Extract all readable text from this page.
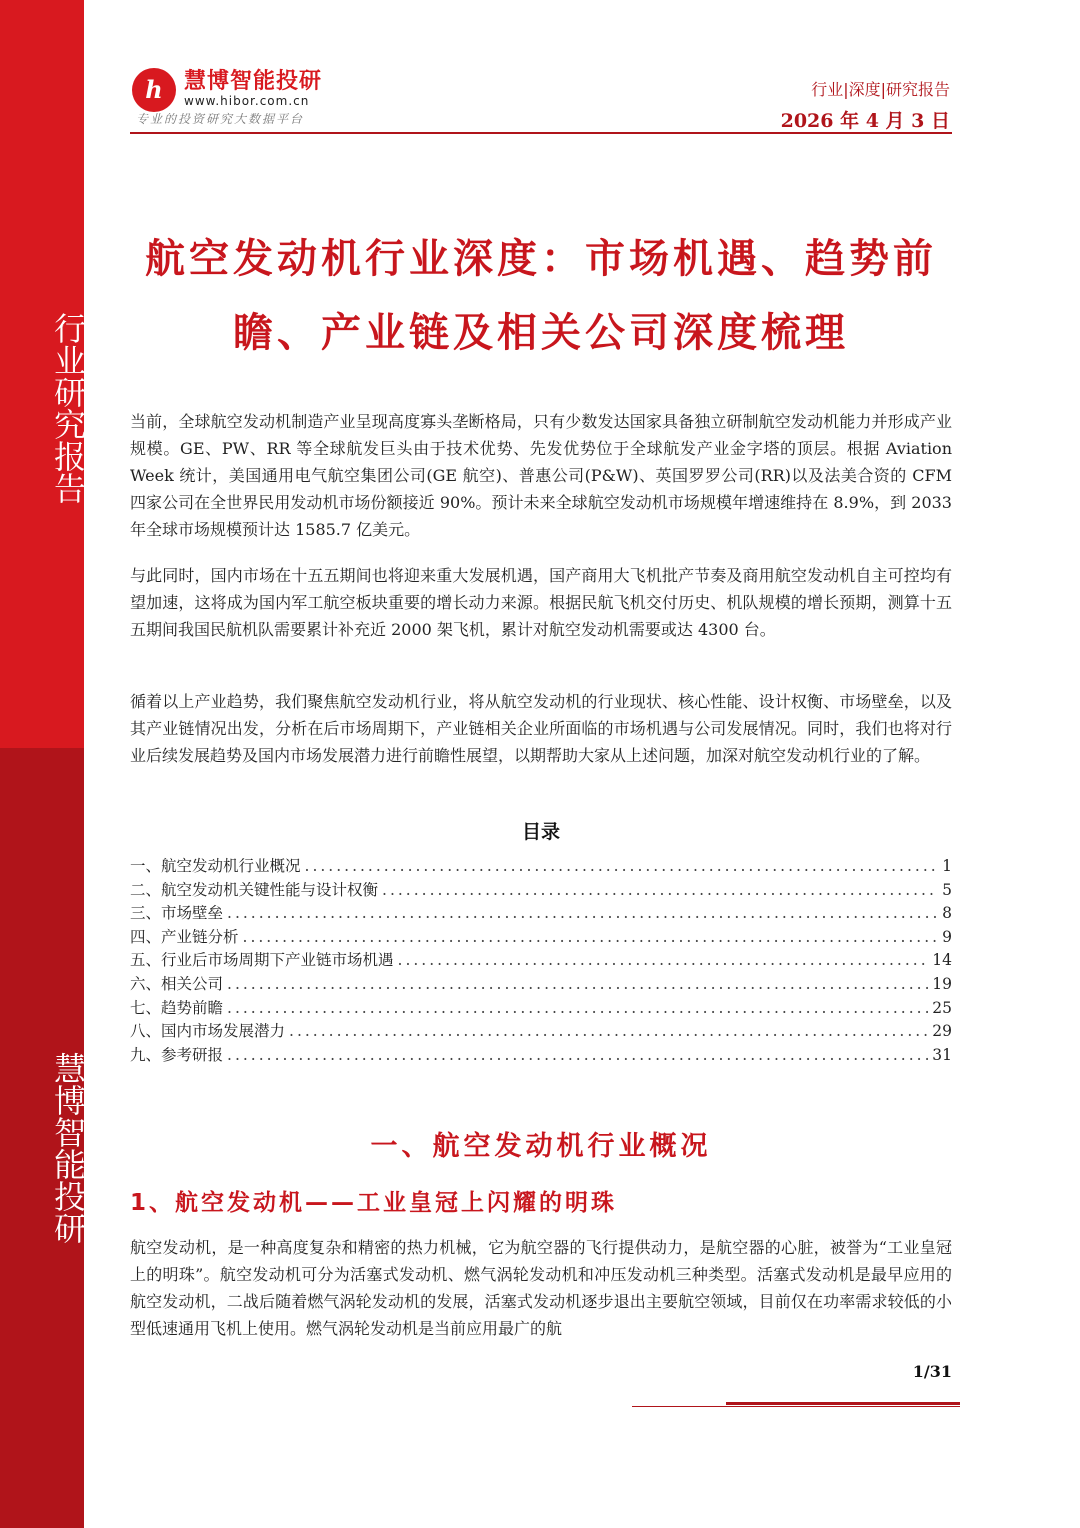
行业研究报告
慧博智能投研
h 慧博智能投研
www.hibor.com.cn
专业的投资研究大数据平台
行业|深度|研究报告
2026 年 4 月 3 日
航空发动机行业深度：市场机遇、趋势前瞻、产业链及相关公司深度梳理

当前，全球航空发动机制造产业呈现高度寡头垄断格局，只有少数发达国家具备独立研制航空发动机能力并形成产业规模。GE、PW、RR 等全球航发巨头由于技术优势、先发优势位于全球航发产业金字塔的顶层。根据 Aviation Week 统计，美国通用电气航空集团公司(GE 航空)、普惠公司(P&W)、英国罗罗公司(RR)以及法美合资的 CFM 四家公司在全世界民用发动机市场份额接近 90%。预计未来全球航空发动机市场规模年增速维持在 8.9%，到 2033 年全球市场规模预计达 1585.7 亿美元。

与此同时，国内市场在十五五期间也将迎来重大发展机遇，国产商用大飞机批产节奏及商用航空发动机自主可控均有望加速，这将成为国内军工航空板块重要的增长动力来源。根据民航飞机交付历史、机队规模的增长预期，测算十五五期间我国民航机队需要累计补充近 2000 架飞机，累计对航空发动机需要或达 4300 台。

循着以上产业趋势，我们聚焦航空发动机行业，将从航空发动机的行业现状、核心性能、设计权衡、市场壁垒，以及其产业链情况出发，分析在后市场周期下，产业链相关企业所面临的市场机遇与公司发展情况。同时，我们也将对行业后续发展趋势及国内市场发展潜力进行前瞻性展望，以期帮助大家从上述问题，加深对航空发动机行业的了解。

目录
一、航空发动机行业概况 .....	1
二、航空发动机关键性能与设计权衡 .....	5
三、市场壁垒 .....	8
四、产业链分析 .....	9
五、行业后市场周期下产业链市场机遇 .....	14
六、相关公司 .....	19
七、趋势前瞻 .....	25
八、国内市场发展潜力 .....	29
九、参考研报 .....	31
一、航空发动机行业概况
1、航空发动机——工业皇冠上闪耀的明珠

航空发动机，是一种高度复杂和精密的热力机械，它为航空器的飞行提供动力，是航空器的心脏，被誉为“工业皇冠上的明珠”。航空发动机可分为活塞式发动机、燃气涡轮发动机和冲压发动机三种类型。活塞式发动机是最早应用的航空发动机，二战后随着燃气涡轮发动机的发展，活塞式发动机逐步退出主要航空领域，目前仅在功率需求较低的小型低速通用飞机上使用。燃气涡轮发动机是当前应用最广的航

1/31
